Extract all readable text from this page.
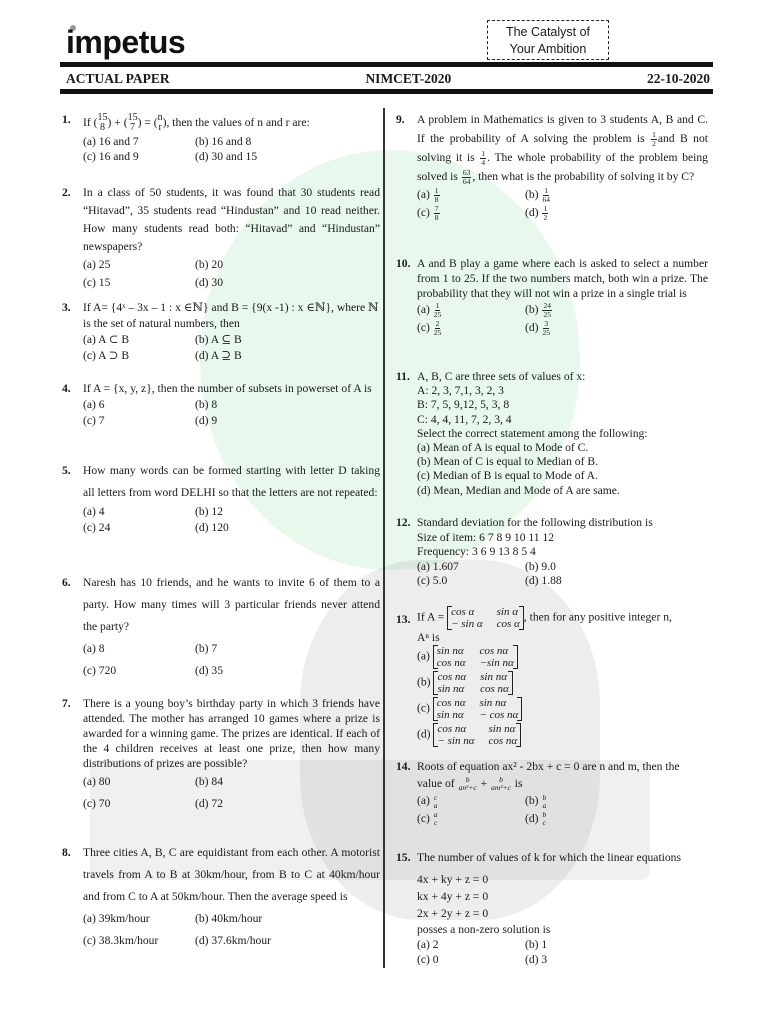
impetus	The Catalyst of
Your Ambition
ACTUAL PAPER	NIMCET-2020	22-10-2020
1. If ( 15
8 ) + ( 15
7 ) = ( n
r ), then the values of n and r are:
(a) 16 and 7	(b) 16 and 8
(c) 16 and 9	(d) 30 and 15
2. In a class of 50 students, it was found that 30 students read “Hitavad”, 35 students read “Hindustan” and 10 read neither. How many students read both: “Hitavad” and “Hindustan” newspapers?
(a) 25	(b) 20
(c) 15	(d) 30
3. If A= {4ˣ – 3x – 1 : x ∈ℕ} and B = {9(x -1) : x ∈ℕ}, where ℕ is the set of natural numbers, then
(a) A ⊂ B	(b) A ⊆ B
(c) A ⊃ B	(d) A ⊇ B
4. If A = {x, y, z}, then the number of subsets in powerset of A is
(a) 6	(b) 8
(c) 7	(d) 9
5. How many words can be formed starting with letter D taking all letters from word DELHI so that the letters are not repeated:
(a) 4	(b) 12
(c) 24	(d) 120
6. Naresh has 10 friends, and he wants to invite 6 of them to a party. How many times will 3 particular friends never attend the party?
(a) 8	(b) 7
(c) 720	(d) 35
7. There is a young boy’s birthday party in which 3 friends have attended. The mother has arranged 10 games where a prize is awarded for a winning game. The prizes are identical. If each of the 4 children receives at least one prize, then how many distributions of prizes are possible?
(a) 80	(b) 84
(c) 70	(d) 72
8. Three cities A, B, C are equidistant from each other. A motorist travels from A to B at 30km/hour, from B to C at 40km/hour and from C to A at 50km/hour. Then the average speed is
(a) 39km/hour	(b) 40km/hour
(c) 38.3km/hour	(d) 37.6km/hour
9. A problem in Mathematics is given to 3 students A, B and C. If the probability of A solving the problem is $\frac{1}{2}$ and B not solving it is $\frac{1}{4}$ . The whole probability of the problem being solved is $\frac{63}{64}$ , then what is the probability of solving it by C?
$(a) \frac{1}{8}$	$(b) \frac{1}{64}$
$(c) \frac{7}{8}$	$(d) \frac{1}{2}$
10. A and B play a game where each is asked to select a number from 1 to 25. If the two numbers match, both win a prize. The probability that they will not win a prize in a single trial is
$(a) \frac{1}{25}$	$(b) \frac{24}{25}$
$(c) \frac{2}{25}$	$(d) \frac{3}{25}$
11. A, B, C are three sets of values of x:
A: 2, 3, 7,1, 3, 2, 3
B: 7, 5, 9,12, 5, 3, 8
C: 4, 4, 11, 7, 2, 3, 4
Select the correct statement among the following:
(a) Mean of A is equal to Mode of C.
(b) Mean of C is equal to Median of B.
(c) Median of B is equal to Mode of A.
(d) Mean, Median and Mode of A are same.
12. Standard deviation for the following distribution is
Size of item: 6 7 8 9 10 11 12
Frequency: 3 6 9 13 8 5 4
(a) 1.607	(b) 9.0
(c) 5.0	(d) 1.88
13. If A = cos α	sin α
− sin α cos α
, then for any positive integer n,
Aⁿ is
(a) sin nα cos nα
cos nα −sin nα
(b) cos nα sin nα
sin nα cos nα
(c) cos nα sin nα
sin nα − cos nα
(d) cos nα	sin nα
− sin nα cos nα
14. Roots of equation ax² - 2bx + c = 0 are n and m, then the
value of b
an²+c + b
am²+c is
(a) c
a	(b) b
a
(c) a
c	(d) b
c
15. The number of values of k for which the linear equations
4x + ky + z = 0
kx + 4y + z = 0
2x + 2y + z = 0
posses a non-zero solution is
(a) 2	(b) 1
(c) 0	(d) 3
